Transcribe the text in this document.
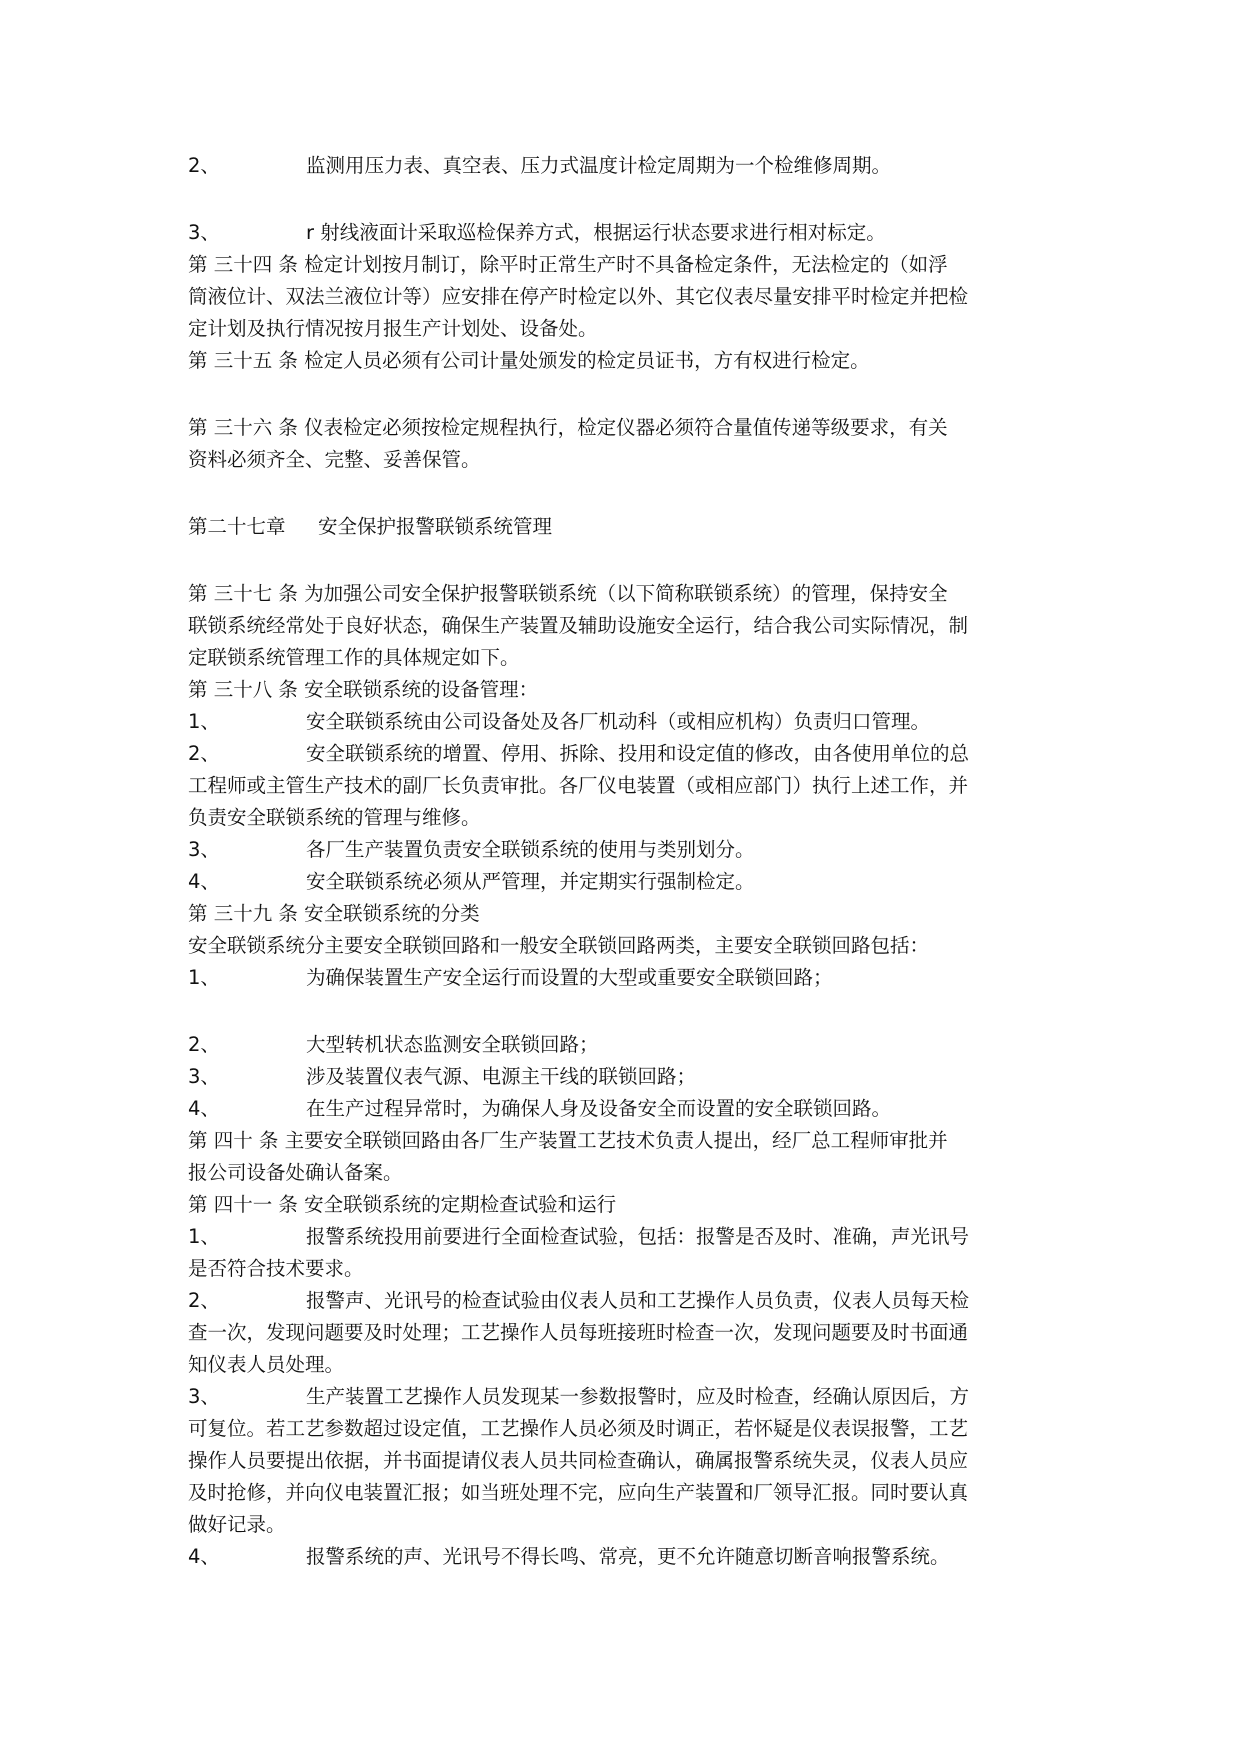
2、	监测用压力表、真空表、压力式温度计检定周期为一个检维修周期。
3、	r 射线液面计采取巡检保养方式，根据运行状态要求进行相对标定。
第 三十四 条 检定计划按月制订，除平时正常生产时不具备检定条件，无法检定的（如浮
筒液位计、双法兰液位计等）应安排在停产时检定以外、其它仪表尽量安排平时检定并把检
定计划及执行情况按月报生产计划处、设备处。
第 三十五 条 检定人员必须有公司计量处颁发的检定员证书，方有权进行检定。
第 三十六 条 仪表检定必须按检定规程执行，检定仪器必须符合量值传递等级要求，有关
资料必须齐全、完整、妥善保管。
第二十七章 安全保护报警联锁系统管理
第 三十七 条 为加强公司安全保护报警联锁系统（以下简称联锁系统）的管理，保持安全
联锁系统经常处于良好状态，确保生产装置及辅助设施安全运行，结合我公司实际情况，制
定联锁系统管理工作的具体规定如下。
第 三十八 条 安全联锁系统的设备管理：
1、	安全联锁系统由公司设备处及各厂机动科（或相应机构）负责归口管理。
2、	安全联锁系统的增置、停用、拆除、投用和设定值的修改，由各使用单位的总
工程师或主管生产技术的副厂长负责审批。各厂仪电装置（或相应部门）执行上述工作，并
负责安全联锁系统的管理与维修。
3、	各厂生产装置负责安全联锁系统的使用与类别划分。
4、	安全联锁系统必须从严管理，并定期实行强制检定。
第 三十九 条 安全联锁系统的分类
安全联锁系统分主要安全联锁回路和一般安全联锁回路两类，主要安全联锁回路包括：
1、	为确保装置生产安全运行而设置的大型或重要安全联锁回路；
2、	大型转机状态监测安全联锁回路；
3、	涉及装置仪表气源、电源主干线的联锁回路；
4、	在生产过程异常时，为确保人身及设备安全而设置的安全联锁回路。
第 四十 条 主要安全联锁回路由各厂生产装置工艺技术负责人提出，经厂总工程师审批并
报公司设备处确认备案。
第 四十一 条 安全联锁系统的定期检查试验和运行
1、	报警系统投用前要进行全面检查试验，包括：报警是否及时、准确，声光讯号
是否符合技术要求。
2、	报警声、光讯号的检查试验由仪表人员和工艺操作人员负责，仪表人员每天检
查一次，发现问题要及时处理；工艺操作人员每班接班时检查一次，发现问题要及时书面通
知仪表人员处理。
3、	生产装置工艺操作人员发现某一参数报警时，应及时检查，经确认原因后，方
可复位。若工艺参数超过设定值，工艺操作人员必须及时调正，若怀疑是仪表误报警，工艺
操作人员要提出依据，并书面提请仪表人员共同检查确认，确属报警系统失灵，仪表人员应
及时抢修，并向仪电装置汇报；如当班处理不完，应向生产装置和厂领导汇报。同时要认真
做好记录。
4、	报警系统的声、光讯号不得长鸣、常亮，更不允许随意切断音响报警系统。
